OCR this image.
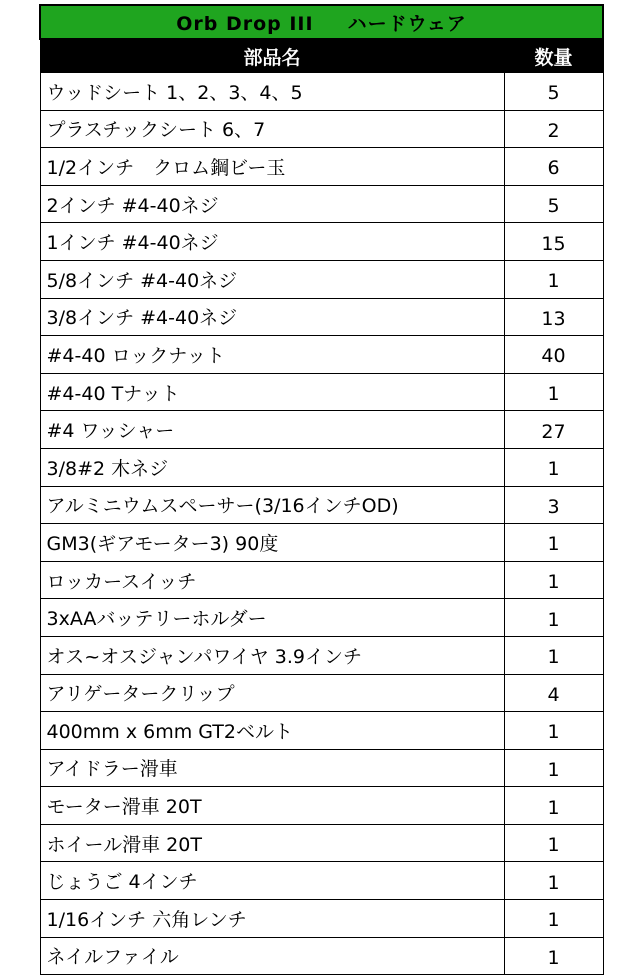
Orb Drop III ハードウェア	
部品名	数量
ウッドシート 1、2、3、4、5	5
プラスチックシート 6、7	2
1/2インチ　クロム鋼ビー玉	6
2インチ #4-40ネジ	5
1インチ #4-40ネジ	15
5/8インチ #4-40ネジ	1
3/8インチ #4-40ネジ	13
#4-40 ロックナット	40
#4-40 Tナット	1
#4 ワッシャー	27
3/8#2 木ネジ	1
アルミニウムスペーサー(3/16インチOD)	3
GM3(ギアモーター3) 90度	1
ロッカースイッチ	1
3xAAバッテリーホルダー	1
オス~オスジャンパワイヤ 3.9インチ	1
アリゲータークリップ	4
400mm x 6mm GT2ベルト	1
アイドラー滑車	1
モーター滑車 20T	1
ホイール滑車 20T	1
じょうご 4インチ	1
1/16インチ 六角レンチ	1
ネイルファイル	1
